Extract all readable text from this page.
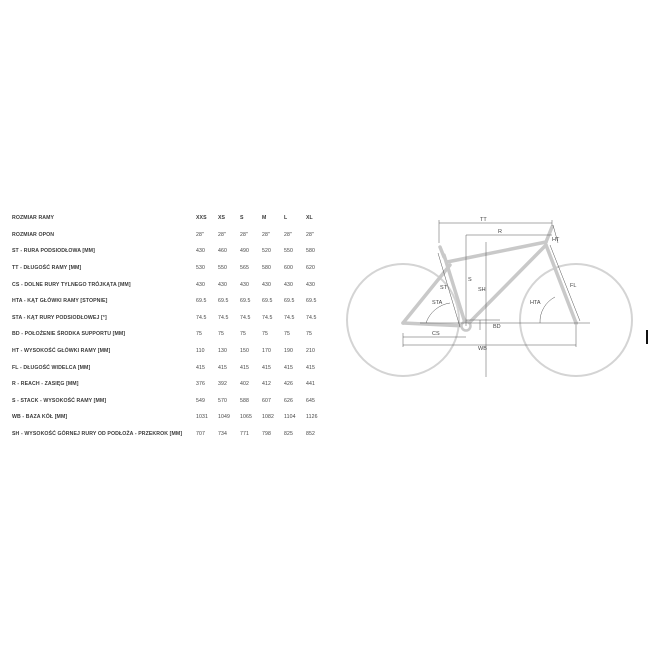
ROZMIAR RAMY	XXS XS	S	M	L	XL
ROZMIAR OPON	28"	28"	28"	28"	28"	28"
ST - RURA PODSIODŁOWA [MM]	430	460	490	520	550	580
TT - DŁUGOŚĆ RAMY [MM]	530	550	565	580	600	620
CS - DOLNE RURY TYLNEGO TRÓJKĄTA [MM]	430	430	430	430	430	430
HTA - KĄT GŁÓWKI RAMY [STOPNIE]	69.5 69.5 69.5 69.5 69.5 69.5
STA - KĄT RURY PODSIODŁOWEJ [°]	74.5 74.5 74.5 74.5 74.5 74.5
BD - POŁOŻENIE ŚRODKA SUPPORTU [MM]	75	75	75	75	75	75
HT - WYSOKOŚĆ GŁÓWKI RAMY [MM]	110	130	150	170	190	210
FL - DŁUGOŚĆ WIDELCA [MM]	415	415	415	415	415	415
R - REACH - ZASIĘG [MM]	376	392	402	412	426	441
S - STACK - WYSOKOŚĆ RAMY [MM]	549	570	588	607	626	645
WB - BAZA KÓŁ [MM]	1031 1049 1065 1082 1104 1126
SH - WYSOKOŚĆ GÓRNEJ RURY OD PODŁOŻA - PRZEKROK [MM]	707	734	771	798	825	852
TT
R
HT
ST
S
SH
FL
STA	HTA
BD
CS
WB
